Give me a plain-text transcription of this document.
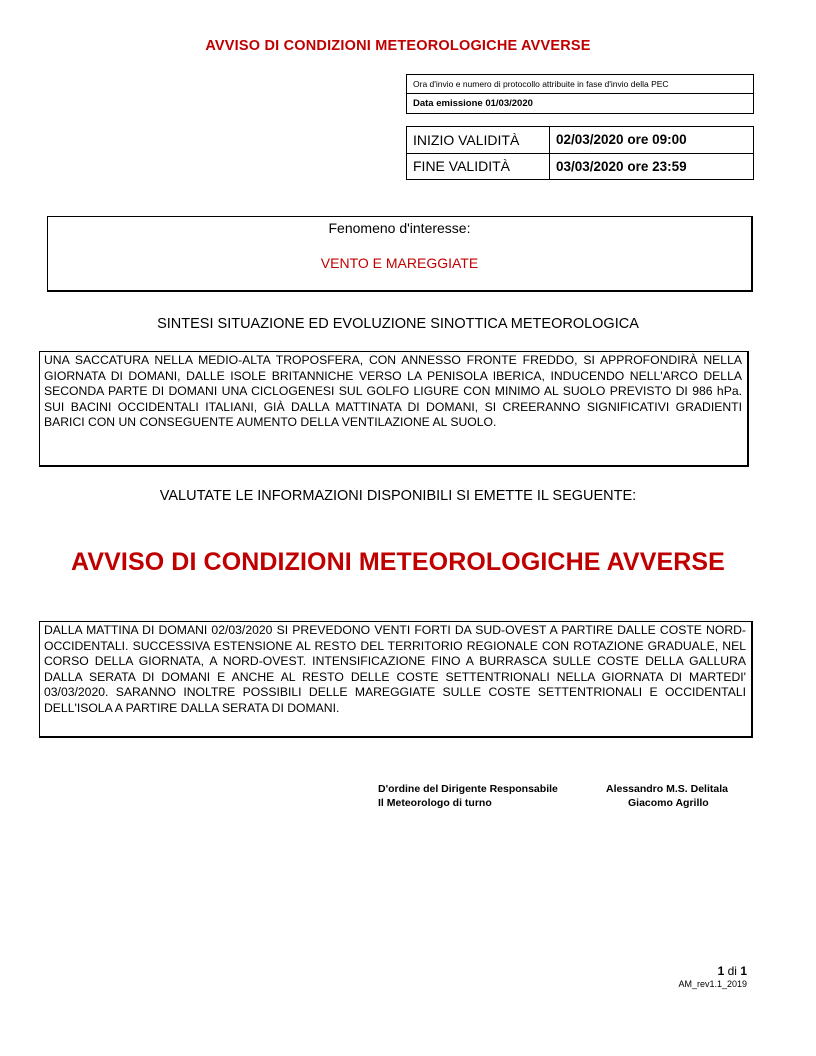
AVVISO DI CONDIZIONI METEOROLOGICHE AVVERSE
Ora d'invio e numero di protocollo attribuite in fase d'invio della PEC
Data emissione 01/03/2020
INIZIO VALIDITÀ	02/03/2020 ore 09:00
FINE VALIDITÀ	03/03/2020 ore 23:59
Fenomeno d'interesse:
VENTO E MAREGGIATE
SINTESI SITUAZIONE ED EVOLUZIONE SINOTTICA METEOROLOGICA
UNA SACCATURA NELLA MEDIO-ALTA TROPOSFERA, CON ANNESSO FRONTE FREDDO, SI APPROFONDIRÀ NELLA GIORNATA DI DOMANI, DALLE ISOLE BRITANNICHE VERSO LA PENISOLA IBERICA, INDUCENDO NELL'ARCO DELLA SECONDA PARTE DI DOMANI UNA CICLOGENESI SUL GOLFO LIGURE CON MINIMO AL SUOLO PREVISTO DI 986 hPa. SUI BACINI OCCIDENTALI ITALIANI, GIÀ DALLA MATTINATA DI DOMANI, SI CREERANNO SIGNIFICATIVI GRADIENTI BARICI CON UN CONSEGUENTE AUMENTO DELLA VENTILAZIONE AL SUOLO.
VALUTATE LE INFORMAZIONI DISPONIBILI SI EMETTE IL SEGUENTE:
AVVISO DI CONDIZIONI METEOROLOGICHE AVVERSE
DALLA MATTINA DI DOMANI 02/03/2020 SI PREVEDONO VENTI FORTI DA SUD-OVEST A PARTIRE DALLE COSTE NORD-OCCIDENTALI. SUCCESSIVA ESTENSIONE AL RESTO DEL TERRITORIO REGIONALE CON ROTAZIONE GRADUALE, NEL CORSO DELLA GIORNATA, A NORD-OVEST. INTENSIFICAZIONE FINO A BURRASCA SULLE COSTE DELLA GALLURA DALLA SERATA DI DOMANI E ANCHE AL RESTO DELLE COSTE SETTENTRIONALI NELLA GIORNATA DI MARTEDI' 03/03/2020. SARANNO INOLTRE POSSIBILI DELLE MAREGGIATE SULLE COSTE SETTENTRIONALI E OCCIDENTALI DELL'ISOLA A PARTIRE DALLA SERATA DI DOMANI.
D'ordine del Dirigente Responsabile	Alessandro M.S. Delitala
Il Meteorologo di turno	Giacomo Agrillo
1 di 1
AM_rev1.1_2019
